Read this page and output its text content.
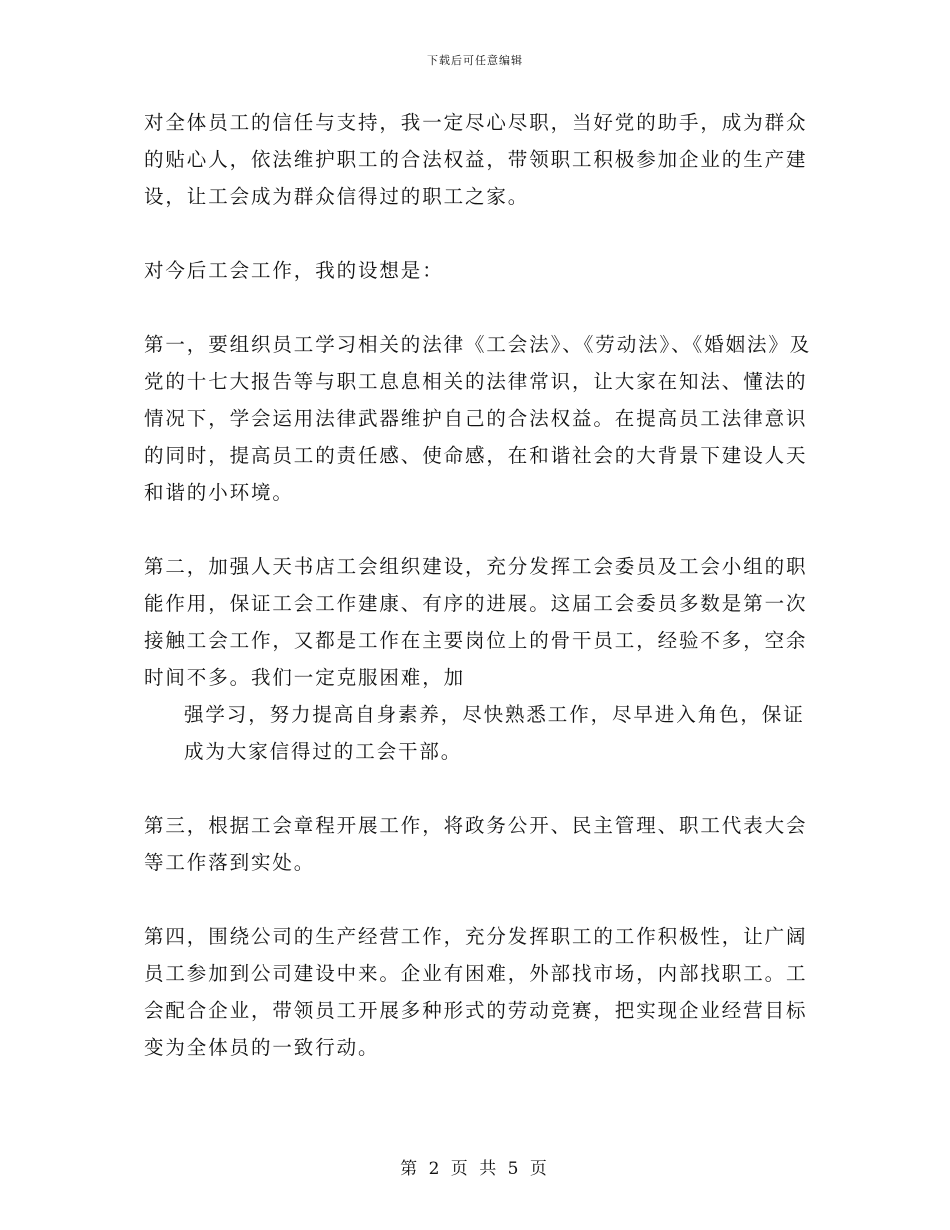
下载后可任意编辑

对全体员工的信任与支持，我一定尽心尽职，当好党的助手，成为群众的贴心人，依法维护职工的合法权益，带领职工积极参加企业的生产建设，让工会成为群众信得过的职工之家。

对今后工会工作，我的设想是：

第一，要组织员工学习相关的法律《工会法》、《劳动法》、《婚姻法》及党的十七大报告等与职工息息相关的法律常识，让大家在知法、懂法的情况下，学会运用法律武器维护自己的合法权益。在提高员工法律意识的同时，提高员工的责任感、使命感，在和谐社会的大背景下建设人天和谐的小环境。

第二，加强人天书店工会组织建设，充分发挥工会委员及工会小组的职能作用，保证工会工作建康、有序的进展。这届工会委员多数是第一次接触工会工作，又都是工作在主要岗位上的骨干员工，经验不多，空余时间不多。我们一定克服困难，加

强学习，努力提高自身素养，尽快熟悉工作，尽早进入角色，保证成为大家信得过的工会干部。

第三，根据工会章程开展工作，将政务公开、民主管理、职工代表大会等工作落到实处。

第四，围绕公司的生产经营工作，充分发挥职工的工作积极性，让广阔员工参加到公司建设中来。企业有困难，外部找市场，内部找职工。工会配合企业，带领员工开展多种形式的劳动竞赛，把实现企业经营目标变为全体员的一致行动。

第 2 页 共 5 页
